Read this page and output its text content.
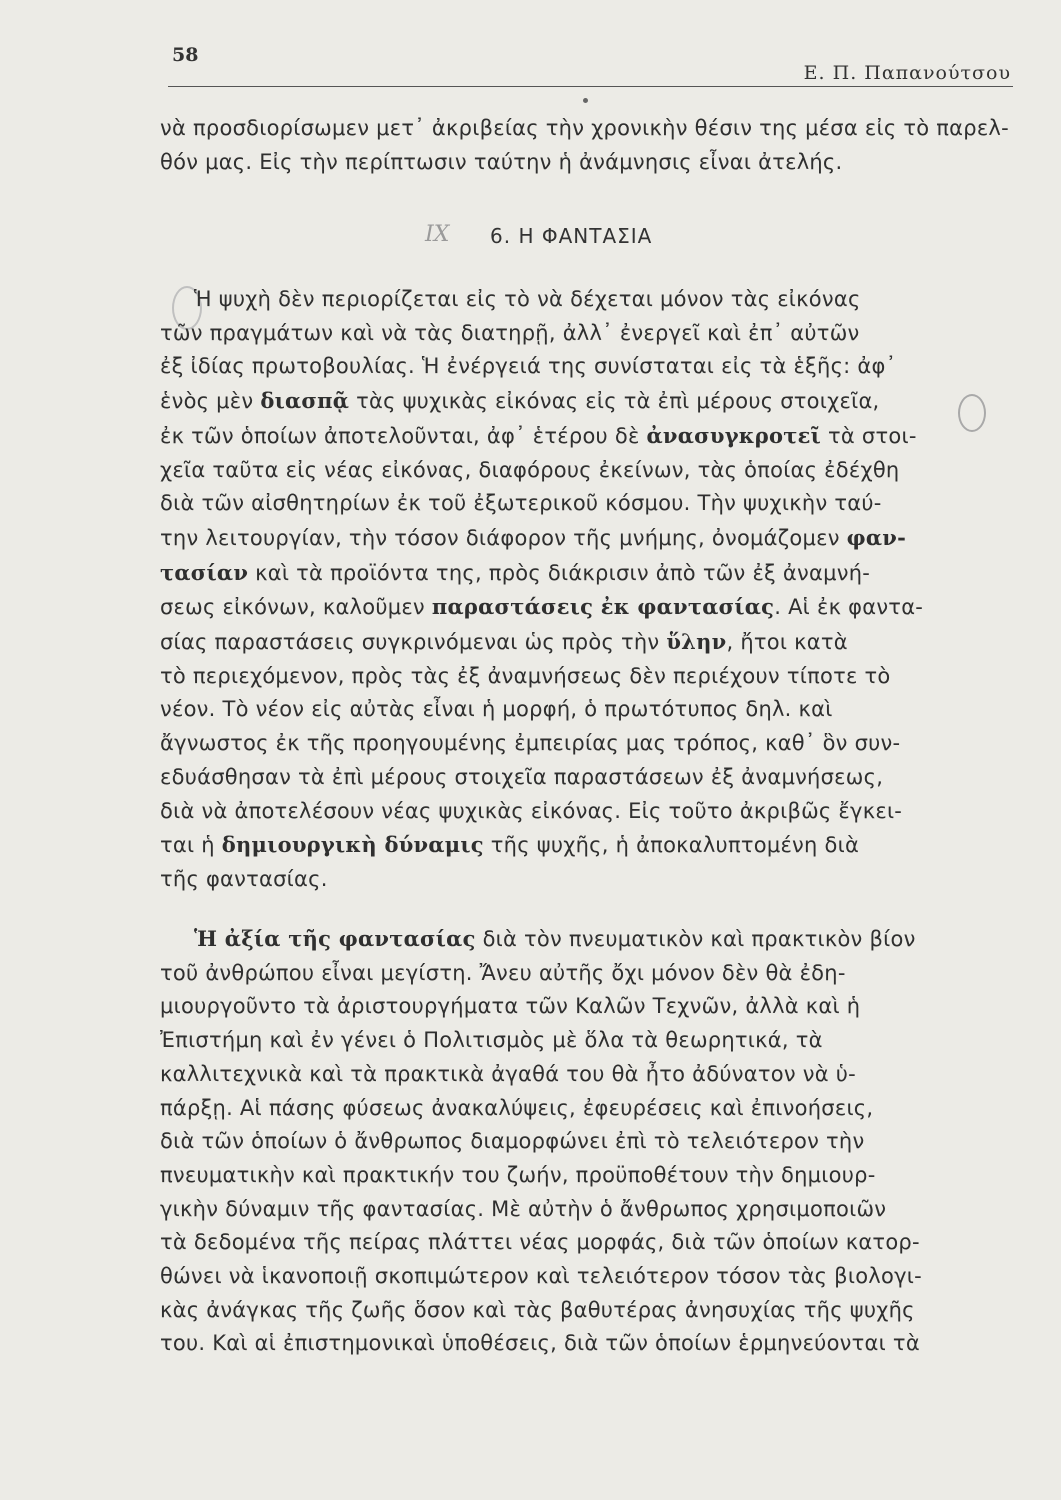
58
Ε. Π. Παπανούτσου
νὰ προσδιορίσωμεν μετ᾽ ἀκριβείας τὴν χρονικὴν θέσιν της μέσα εἰς τὸ παρελ-
θόν μας. Εἰς τὴν περίπτωσιν ταύτην ἡ ἀνάμνησις εἶναι ἀτελής.
ΙΧ 6. Η ΦΑΝΤΑΣΙΑ
Ἡ ψυχὴ δὲν περιορίζεται εἰς τὸ νὰ δέχεται μόνον τὰς εἰκόνας
τῶν πραγμάτων καὶ νὰ τὰς διατηρῇ, ἀλλ᾽ ἐνεργεῖ καὶ ἐπ᾽ αὐτῶν
ἐξ ἰδίας πρωτοβουλίας. Ἡ ἐνέργειά της συνίσταται εἰς τὰ ἑξῆς: ἀφ᾽
ἑνὸς μὲν διασπᾷ τὰς ψυχικὰς εἰκόνας εἰς τὰ ἐπὶ μέρους στοιχεῖα,
ἐκ τῶν ὁποίων ἀποτελοῦνται, ἀφ᾽ ἑτέρου δὲ ἀνασυγκροτεῖ τὰ στοι-
χεῖα ταῦτα εἰς νέας εἰκόνας, διαφόρους ἐκείνων, τὰς ὁποίας ἐδέχθη
διὰ τῶν αἰσθητηρίων ἐκ τοῦ ἐξωτερικοῦ κόσμου. Τὴν ψυχικὴν ταύ-
την λειτουργίαν, τὴν τόσον διάφορον τῆς μνήμης, ὀνομάζομεν φαν-
τασίαν καὶ τὰ προϊόντα της, πρὸς διάκρισιν ἀπὸ τῶν ἐξ ἀναμνή-
σεως εἰκόνων, καλοῦμεν παραστάσεις ἐκ φαντασίας. Αἱ ἐκ φαντα-
σίας παραστάσεις συγκρινόμεναι ὡς πρὸς τὴν ὕλην, ἤτοι κατὰ
τὸ περιεχόμενον, πρὸς τὰς ἐξ ἀναμνήσεως δὲν περιέχουν τίποτε τὸ
νέον. Τὸ νέον εἰς αὐτὰς εἶναι ἡ μορφή, ὁ πρωτότυπος δηλ. καὶ
ἄγνωστος ἐκ τῆς προηγουμένης ἐμπειρίας μας τρόπος, καθ᾽ ὃν συν-
εδυάσθησαν τὰ ἐπὶ μέρους στοιχεῖα παραστάσεων ἐξ ἀναμνήσεως,
διὰ νὰ ἀποτελέσουν νέας ψυχικὰς εἰκόνας. Εἰς τοῦτο ἀκριβῶς ἔγκει-
ται ἡ δημιουργικὴ δύναμις τῆς ψυχῆς, ἡ ἀποκαλυπτομένη διὰ
τῆς φαντασίας.
Ἡ ἀξία τῆς φαντασίας διὰ τὸν πνευματικὸν καὶ πρακτικὸν βίον
τοῦ ἀνθρώπου εἶναι μεγίστη. Ἄνευ αὐτῆς ὄχι μόνον δὲν θὰ ἐδη-
μιουργοῦντο τὰ ἀριστουργήματα τῶν Καλῶν Τεχνῶν, ἀλλὰ καὶ ἡ
Ἐπιστήμη καὶ ἐν γένει ὁ Πολιτισμὸς μὲ ὅλα τὰ θεωρητικά, τὰ
καλλιτεχνικὰ καὶ τὰ πρακτικὰ ἀγαθά του θὰ ἦτο ἀδύνατον νὰ ὑ-
πάρξῃ. Αἱ πάσης φύσεως ἀνακαλύψεις, ἐφευρέσεις καὶ ἐπινοήσεις,
διὰ τῶν ὁποίων ὁ ἄνθρωπος διαμορφώνει ἐπὶ τὸ τελειότερον τὴν
πνευματικὴν καὶ πρακτικήν του ζωήν, προϋποθέτουν τὴν δημιουρ-
γικὴν δύναμιν τῆς φαντασίας. Μὲ αὐτὴν ὁ ἄνθρωπος χρησιμοποιῶν
τὰ δεδομένα τῆς πείρας πλάττει νέας μορφάς, διὰ τῶν ὁποίων κατορ-
θώνει νὰ ἱκανοποιῇ σκοπιμώτερον καὶ τελειότερον τόσον τὰς βιολογι-
κὰς ἀνάγκας τῆς ζωῆς ὅσον καὶ τὰς βαθυτέρας ἀνησυχίας τῆς ψυχῆς
του. Καὶ αἱ ἐπιστημονικαὶ ὑποθέσεις, διὰ τῶν ὁποίων ἑρμηνεύονται τὰ
